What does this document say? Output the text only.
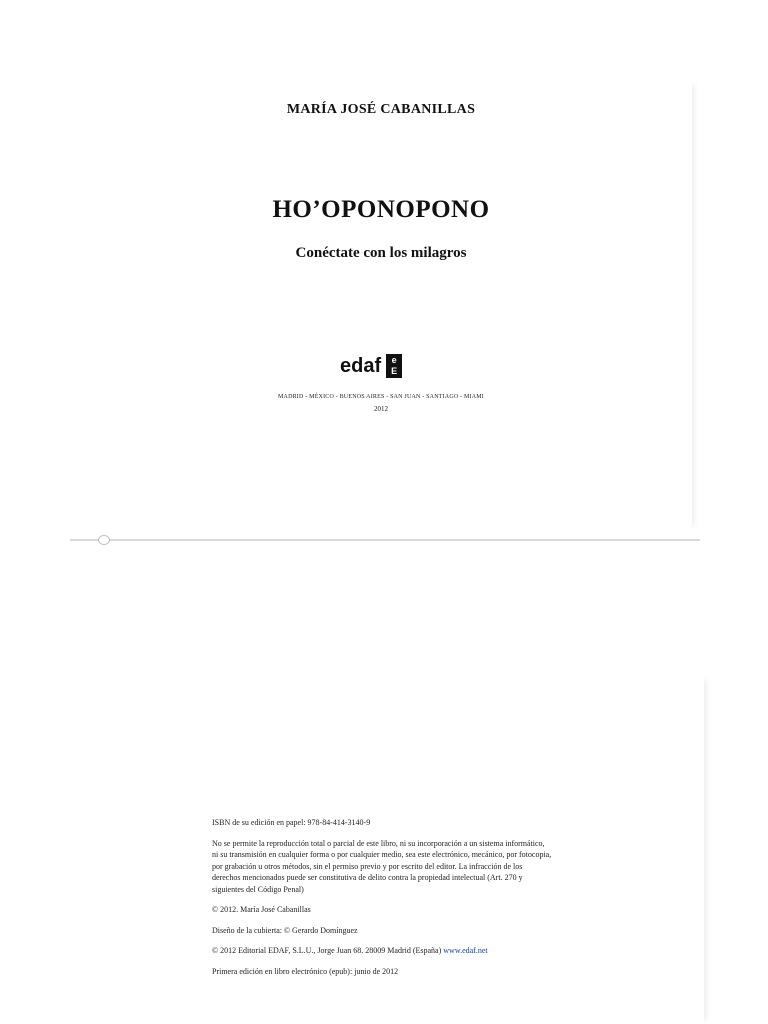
MARÍA JOSÉ CABANILLAS
HO’OPONOPONO
Conéctate con los milagros
edaf	e
E
MADRID - MÉXICO - BUENOS AIRES - SAN JUAN - SANTIAGO - MIAMI
2012

ISBN de su edición en papel: 978-84-414-3140-9

No se permite la reproducción total o parcial de este libro, ni su incorporación a un sistema informático, ni su transmisión en cualquier forma o por cualquier medio, sea este electrónico, mecánico, por fotocopia, por grabación u otros métodos, sin el permiso previo y por escrito del editor. La infracción de los derechos mencionados puede ser constitutiva de delito contra la propiedad intelectual (Art. 270 y siguientes del Código Penal)

© 2012. María José Cabanillas

Diseño de la cubierta: © Gerardo Domínguez

© 2012 Editorial EDAF, S.L.U., Jorge Juan 68. 28009 Madrid (España) www.edaf.net

Primera edición en libro electrónico (epub): junio de 2012
